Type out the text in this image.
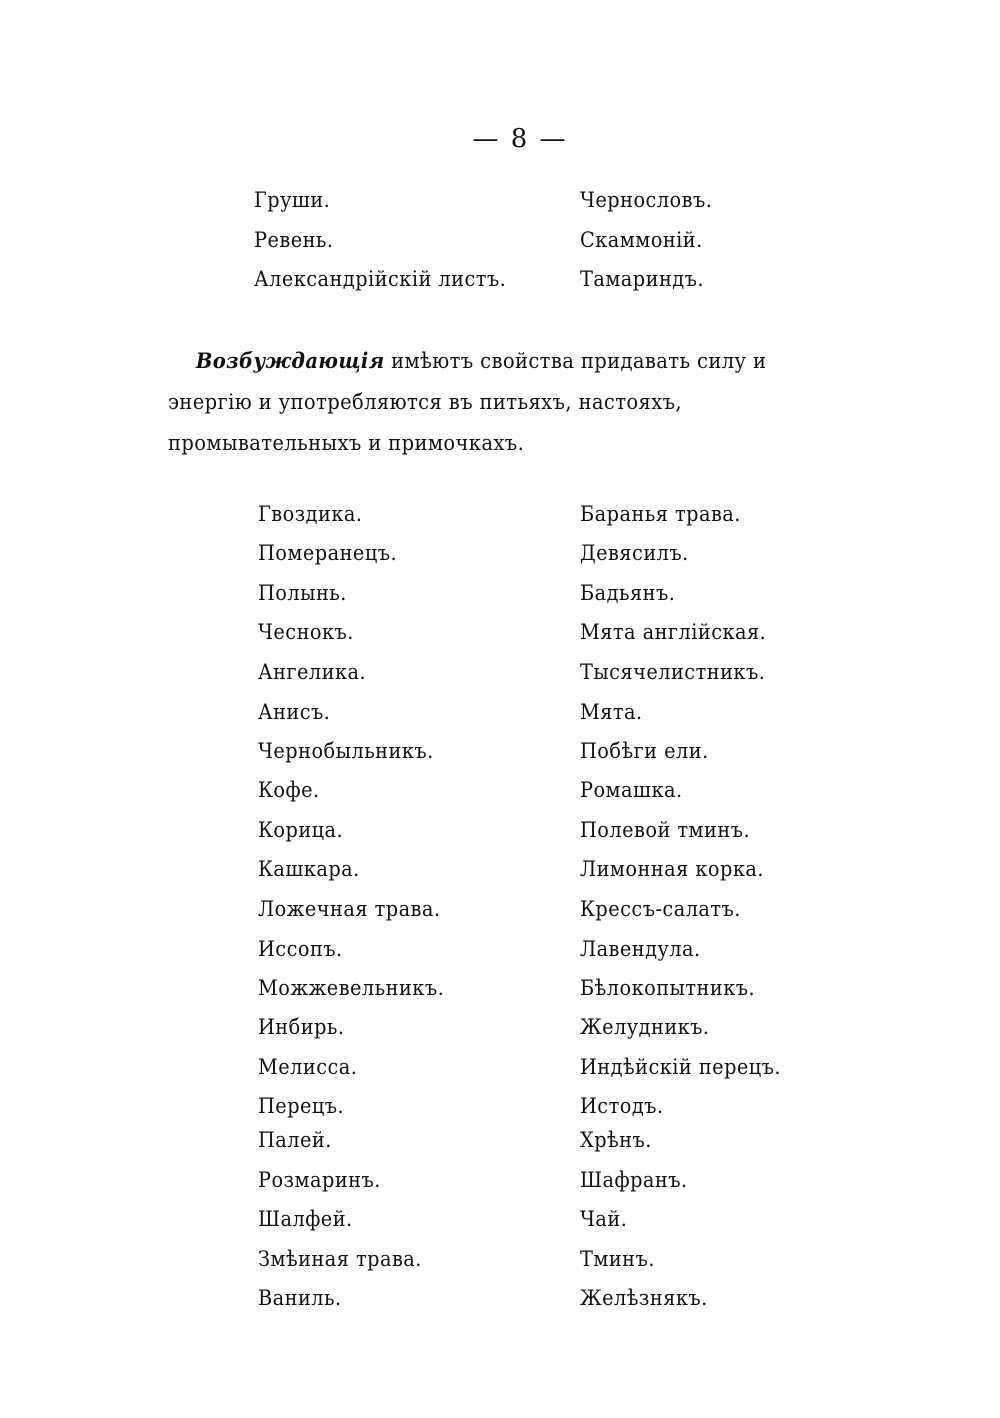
— 8 —
Груши.
Ревень.
Александрiйскiй листъ.
Чернословъ.
Скаммонiй.
Тамариндъ.
Возбуждающiя имѣютъ свойства придавать силу и энергiю и употребляются въ питьяхъ, настояхъ, промывательныхъ и примочкахъ.
Гвоздика.
Померанецъ.
Полынь.
Чеснокъ.
Ангелика.
Анисъ.
Чернобыльникъ.
Кофе.
Корица.
Кашкара.
Ложечная трава.
Иссопъ.
Можжевельникъ.
Инбирь.
Мелисса.
Перецъ.
Палей.
Розмаринъ.
Шалфей.
Змѣиная трава.
Ваниль.
Баранья трава.
Девясилъ.
Бадьянъ.
Мята англiйская.
Тысячелистникъ.
Мята.
Побѣги ели.
Ромашка.
Полевой тминъ.
Лимонная корка.
Крессъ-салатъ.
Лавендула.
Бѣлокопытникъ.
Желудникъ.
Индѣйскiй перецъ.
Истодъ.
Хрѣнъ.
Шафранъ.
Чай.
Тминъ.
Желѣзнякъ.
